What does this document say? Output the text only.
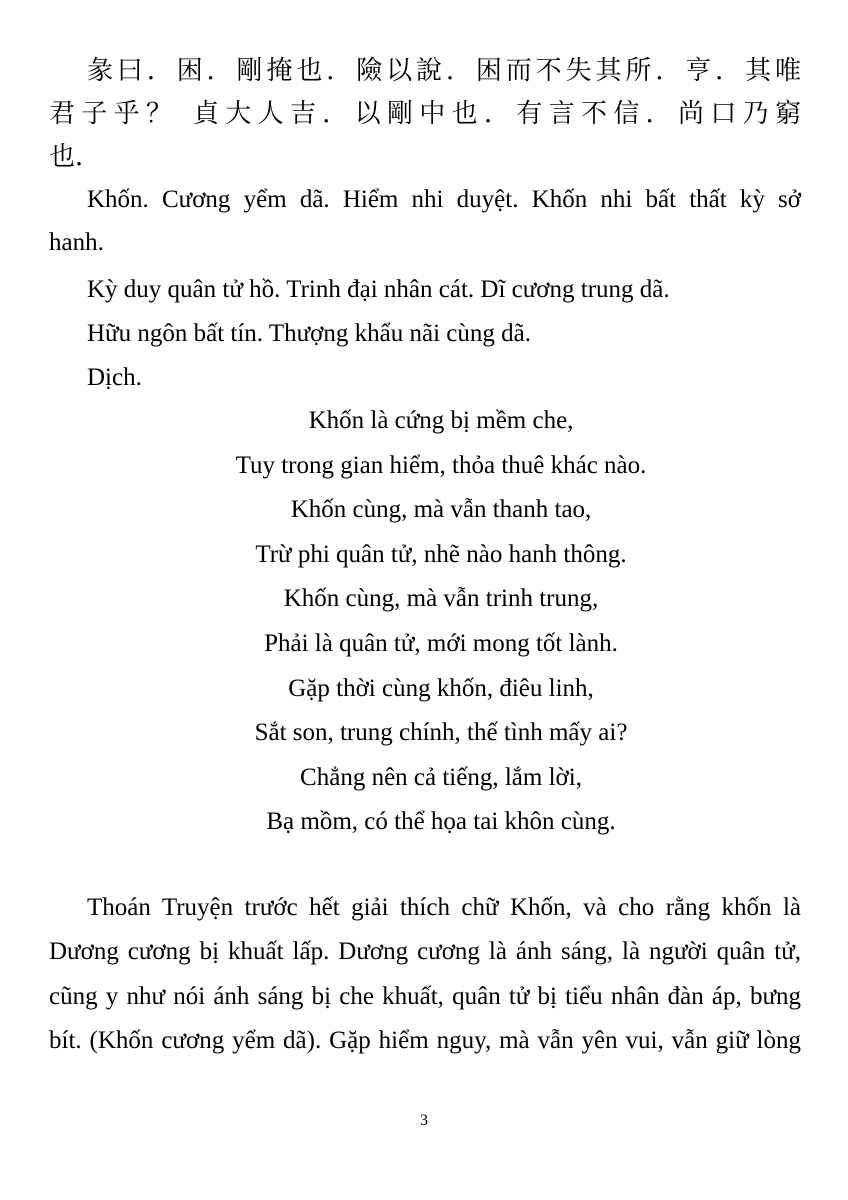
彖曰．困．剛掩也．險以說．困而不失其所．亨．其唯
君子乎？ 貞大人吉．以剛中也．有言不信．尚口乃窮
也．
Khốn. Cương yểm dã. Hiểm nhi duyệt. Khốn nhi bất thất kỳ sở
hanh.
Kỳ duy quân tử hồ. Trinh đại nhân cát. Dĩ cương trung dã.
Hữu ngôn bất tín. Thượng khẩu nãi cùng dã.
Dịch.
Khốn là cứng bị mềm che,
Tuy trong gian hiểm, thỏa thuê khác nào.
Khốn cùng, mà vẫn thanh tao,
Trừ phi quân tử, nhẽ nào hanh thông.
Khốn cùng, mà vẫn trinh trung,
Phải là quân tử, mới mong tốt lành.
Gặp thời cùng khốn, điêu linh,
Sắt son, trung chính, thế tình mấy ai?
Chẳng nên cả tiếng, lắm lời,
Bạ mồm, có thể họa tai khôn cùng.
Thoán Truyện trước hết giải thích chữ Khốn, và cho rằng khốn là
Dương cương bị khuất lấp. Dương cương là ánh sáng, là người quân tử,
cũng y như nói ánh sáng bị che khuất, quân tử bị tiểu nhân đàn áp, bưng
bít. (Khốn cương yểm dã). Gặp hiểm nguy, mà vẫn yên vui, vẫn giữ lòng
3
